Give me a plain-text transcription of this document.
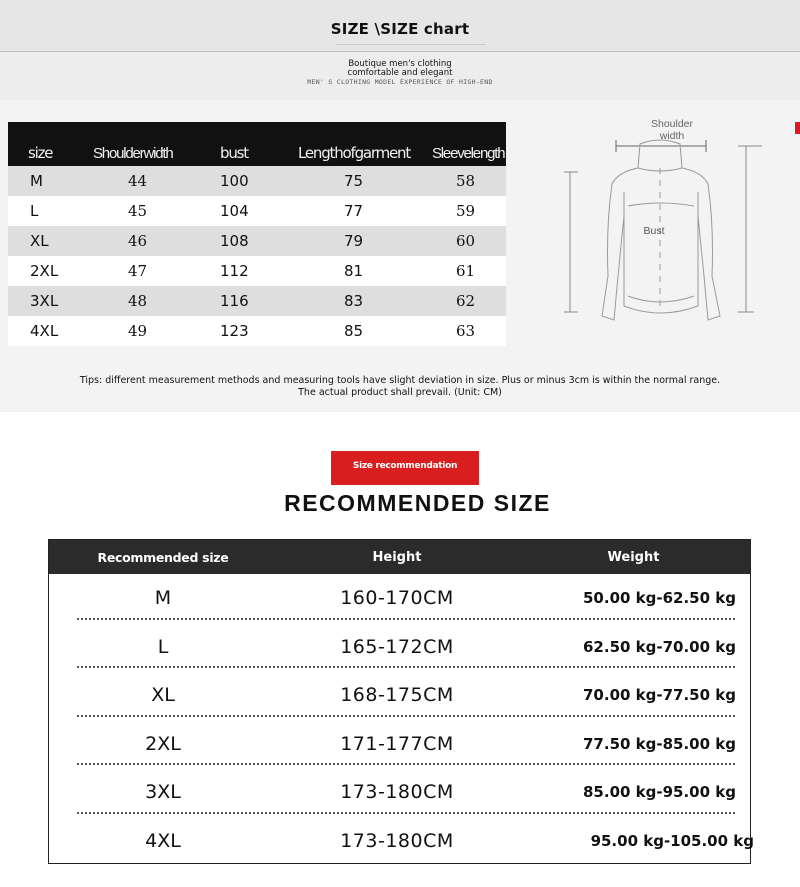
SIZE \SIZE chart
Boutique men's clothing
comfortable and elegant
MEN' S CLOTHING MODEL EXPERIENCE OF HIGH-END
size	Shoulderwidth	bust	Lengthofgarment	Sleevelength
M	44	100	75	58
L	45	104	77	59
XL	46	108	79	60
2XL	47	112	81	61
3XL	48	116	83	62
4XL	49	123	85	63
Shoulder
width
Bust
Tips: different measurement methods and measuring tools have slight deviation in size. Plus or minus 3cm is within the normal range.
The actual product shall prevail. (Unit: CM)
Size recommendation
RECOMMENDED SIZE
Recommended size	Height	Weight
M	160-170CM	50.00 kg-62.50 kg
L	165-172CM	62.50 kg-70.00 kg
XL	168-175CM	70.00 kg-77.50 kg
2XL	171-177CM	77.50 kg-85.00 kg
3XL	173-180CM	85.00 kg-95.00 kg
4XL	173-180CM	95.00 kg-105.00 kg
